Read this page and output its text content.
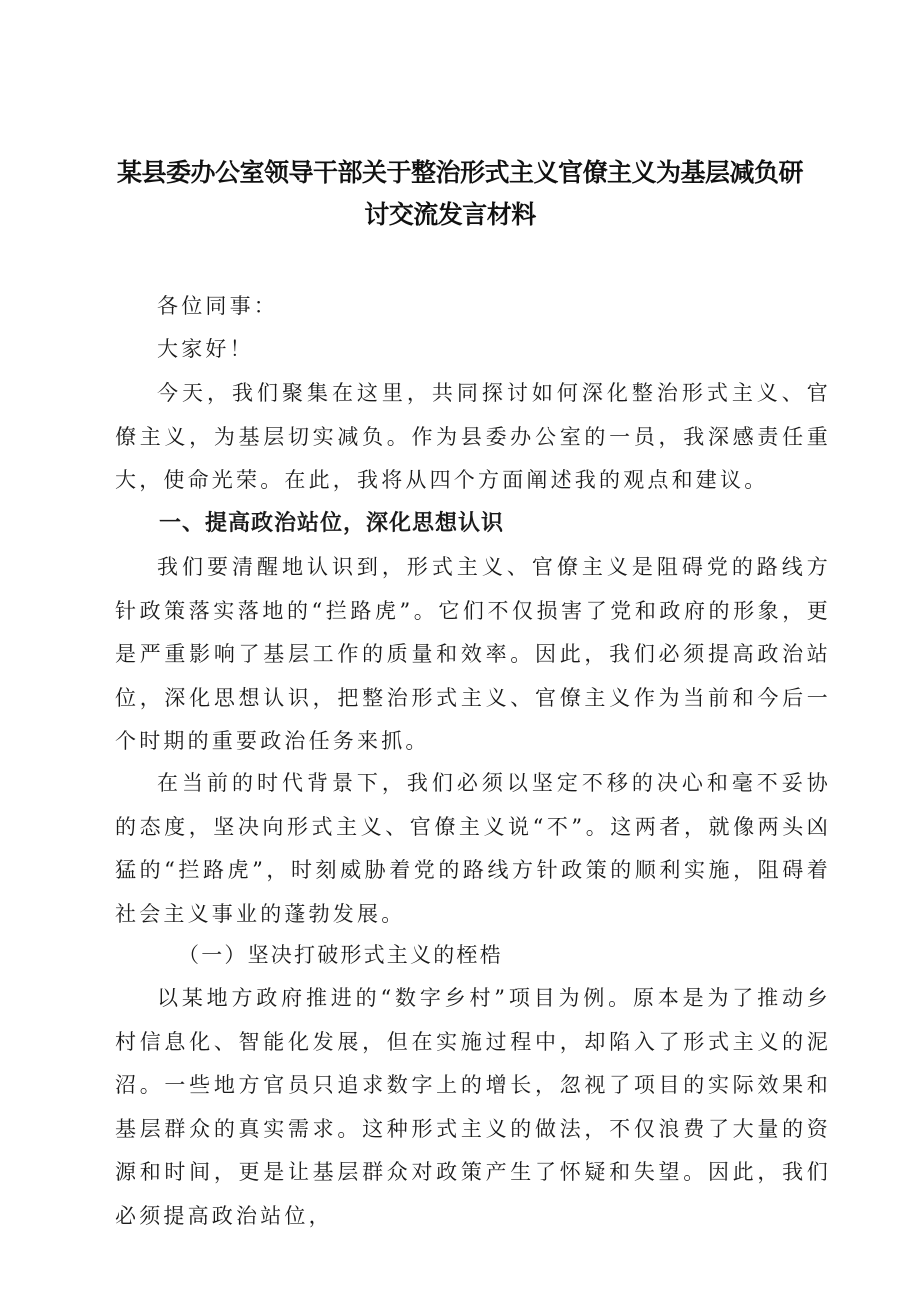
某县委办公室领导干部关于整治形式主义官僚主义为基层减负研
讨交流发言材料

各位同事：

大家好！

今天，我们聚集在这里，共同探讨如何深化整治形式主义、官僚主义，为基层切实减负。作为县委办公室的一员，我深感责任重大，使命光荣。在此，我将从四个方面阐述我的观点和建议。

一、提高政治站位，深化思想认识

我们要清醒地认识到，形式主义、官僚主义是阻碍党的路线方针政策落实落地的“拦路虎”。它们不仅损害了党和政府的形象，更是严重影响了基层工作的质量和效率。因此，我们必须提高政治站位，深化思想认识，把整治形式主义、官僚主义作为当前和今后一个时期的重要政治任务来抓。

在当前的时代背景下，我们必须以坚定不移的决心和毫不妥协的态度，坚决向形式主义、官僚主义说“不”。这两者，就像两头凶猛的“拦路虎”，时刻威胁着党的路线方针政策的顺利实施，阻碍着社会主义事业的蓬勃发展。

（一）坚决打破形式主义的桎梏

以某地方政府推进的“数字乡村”项目为例。原本是为了推动乡村信息化、智能化发展，但在实施过程中，却陷入了形式主义的泥沼。一些地方官员只追求数字上的增长，忽视了项目的实际效果和基层群众的真实需求。这种形式主义的做法，不仅浪费了大量的资源和时间，更是让基层群众对政策产生了怀疑和失望。因此，我们必须提高政治站位，
